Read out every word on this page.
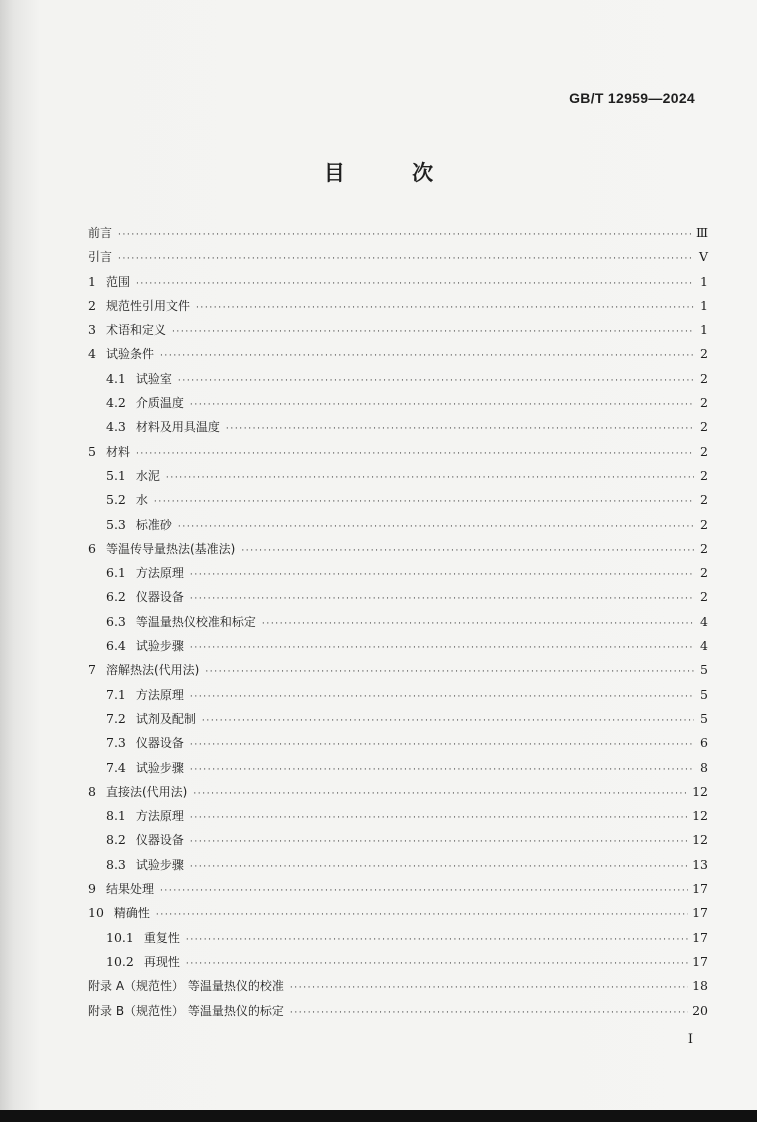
GB/T 12959—2024
目 次
前言 ·····	Ⅲ
引言 ·····	Ⅴ
1 范围 ·····	1
2 规范性引用文件 ·····	1
3 术语和定义 ·····	1
4 试验条件 ·····	2
4.1 试验室 ·····	2
4.2 介质温度 ·····	2
4.3 材料及用具温度 ·····	2
5 材料 ·····	2
5.1 水泥 ·····	2
5.2 水 ·····	2
5.3 标准砂 ·····	2
6 等温传导量热法(基准法) ·····	2
6.1 方法原理 ·····	2
6.2 仪器设备 ·····	2
6.3 等温量热仪校准和标定 ·····	4
6.4 试验步骤 ·····	4
7 溶解热法(代用法) ·····	5
7.1 方法原理 ·····	5
7.2 试剂及配制 ·····	5
7.3 仪器设备 ·····	6
7.4 试验步骤 ·····	8
8 直接法(代用法) ·····	12
8.1 方法原理 ·····	12
8.2 仪器设备 ·····	12
8.3 试验步骤 ·····	13
9 结果处理 ·····	17
10 精确性 ·····	17
10.1 重复性 ·····	17
10.2 再现性 ·····	17
附录 A（规范性） 等温量热仪的校准 ·····	18
附录 B（规范性） 等温量热仪的标定 ·····	20
I
